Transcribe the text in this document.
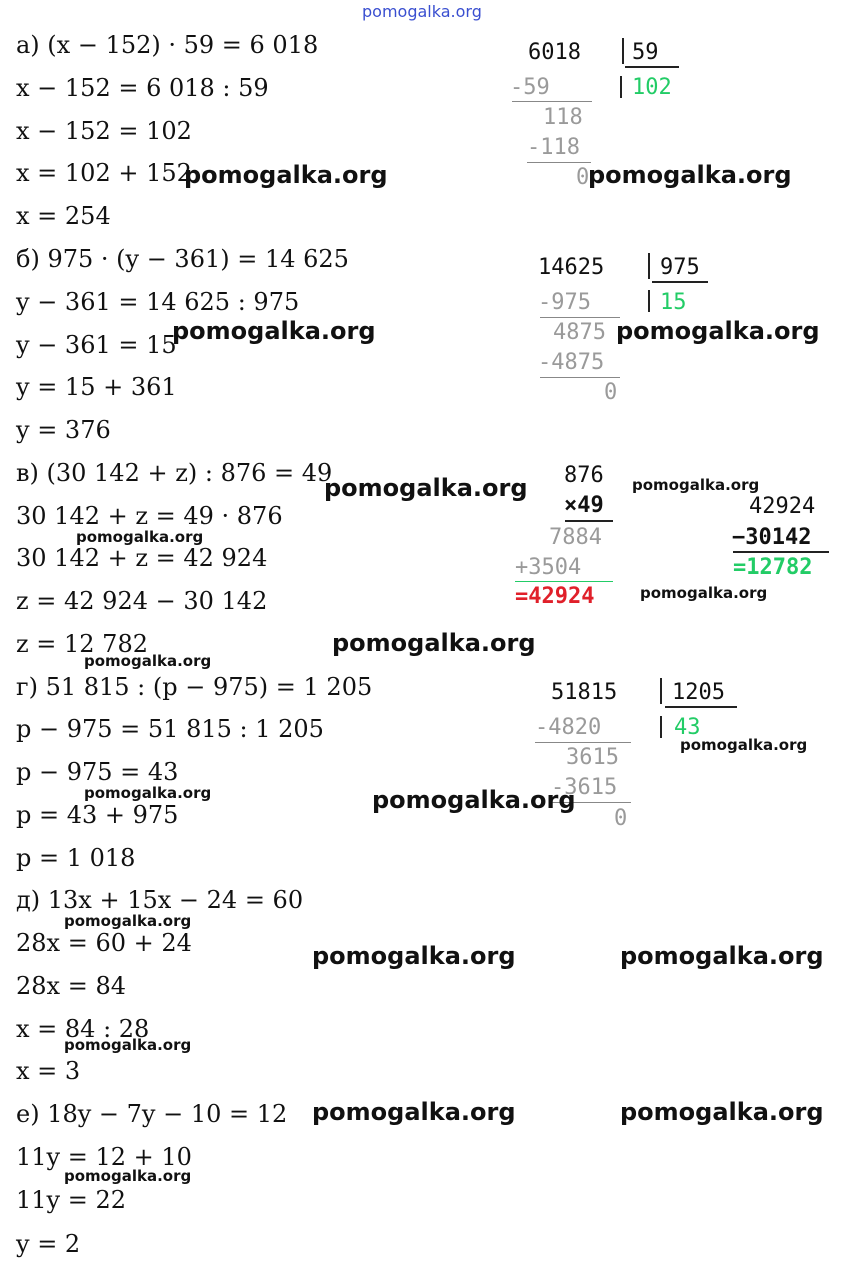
pomogalka.org
а) (x − 152) · 59 = 6 018
x − 152 = 6 018 : 59
x − 152 = 102
x = 102 + 152
x = 254
б) 975 · (y − 361) = 14 625
y − 361 = 14 625 : 975
y − 361 = 15
y = 15 + 361
y = 376
в) (30 142 + z) : 876 = 49
30 142 + z = 49 · 876
30 142 + z = 42 924
z = 42 924 − 30 142
z = 12 782
г) 51 815 : (p − 975) = 1 205
p − 975 = 51 815 : 1 205
p − 975 = 43
p = 43 + 975
p = 1 018
д) 13x + 15x − 24 = 60
28x = 60 + 24
28x = 84
x = 84 : 28
x = 3
е) 18y − 7y − 10 = 12
11y = 12 + 10
11y = 22
y = 2
6018 59
102
-59
118
-118
0
14625	975
15
-975
4875
-4875
0
876
×49
7884
+3504
=42924
42924
−30142
=12782
51815 1205
43
-4820
3615
-3615
0
pomogalka.org	pomogalka.org
pomogalka.org	pomogalka.org
pomogalka.org	pomogalka.org
pomogalka.org
pomogalka.org
pomogalka.org
pomogalka.org
pomogalka.org
pomogalka.org	pomogalka.org
pomogalka.org
pomogalka.org	pomogalka.org
pomogalka.org
pomogalka.org	pomogalka.org
pomogalka.org
